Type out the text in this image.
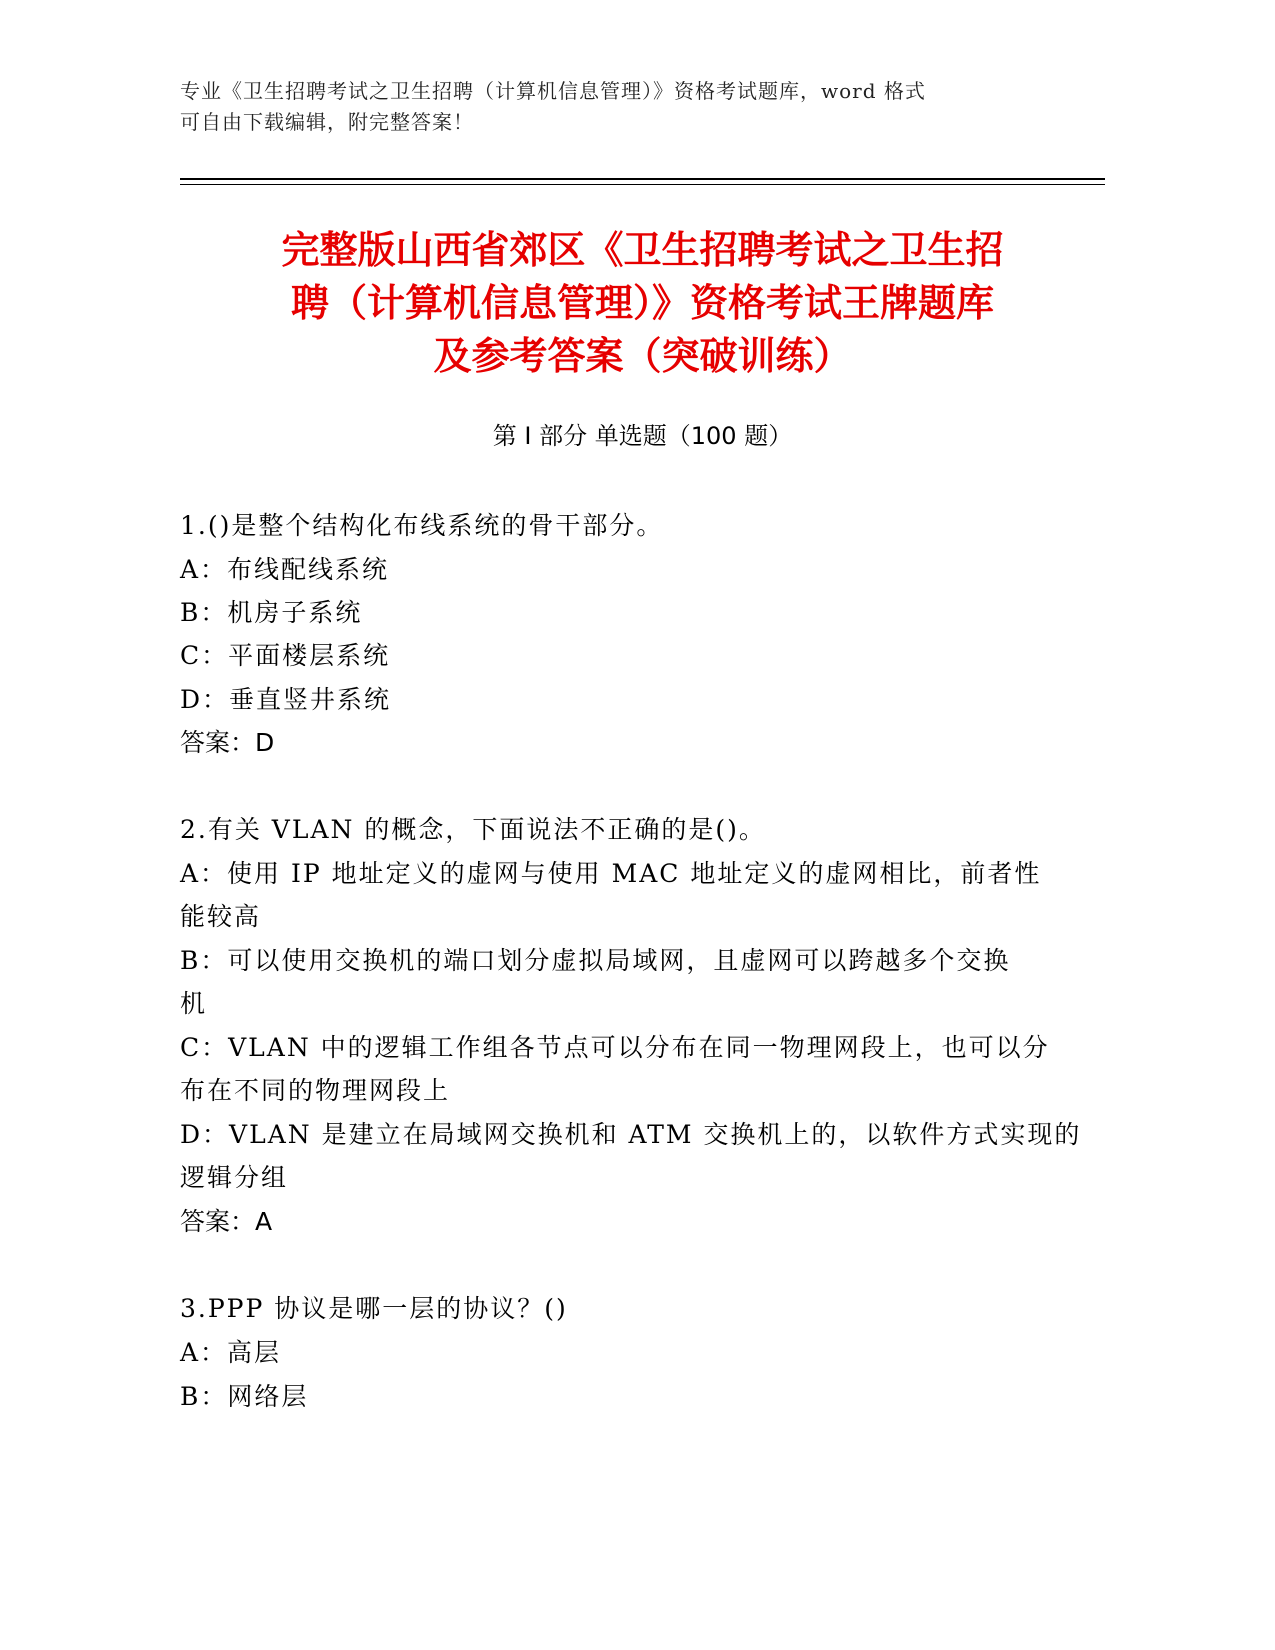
专业《卫生招聘考试之卫生招聘（计算机信息管理）》资格考试题库，word 格式
可自由下载编辑，附完整答案！
完整版山西省郊区《卫生招聘考试之卫生招
聘（计算机信息管理）》资格考试王牌题库
及参考答案（突破训练）
第 I 部分 单选题（100 题）
1.()是整个结构化布线系统的骨干部分。
A：布线配线系统
B：机房子系统
C：平面楼层系统
D：垂直竖井系统
答案：D
2.有关 VLAN 的概念，下面说法不正确的是()。
A：使用 IP 地址定义的虚网与使用 MAC 地址定义的虚网相比，前者性
能较高
B：可以使用交换机的端口划分虚拟局域网，且虚网可以跨越多个交换
机
C：VLAN 中的逻辑工作组各节点可以分布在同一物理网段上，也可以分
布在不同的物理网段上
D：VLAN 是建立在局域网交换机和 ATM 交换机上的，以软件方式实现的
逻辑分组
答案：A
3.PPP 协议是哪一层的协议？()
A：高层
B：网络层
